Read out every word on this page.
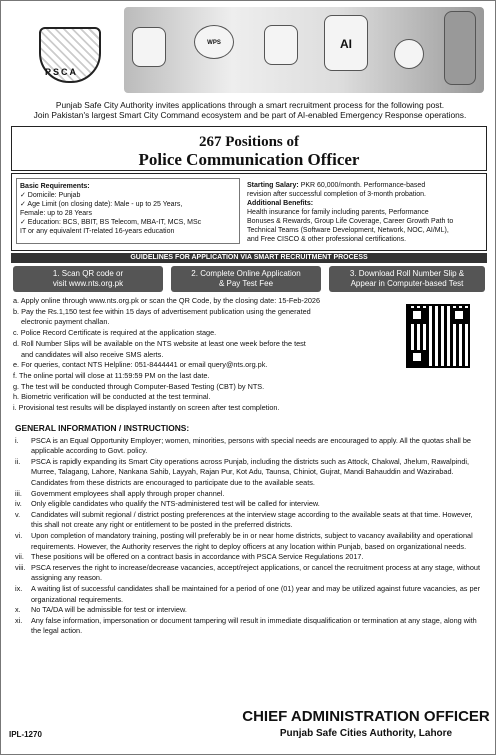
PSCA
WPS	AI
Punjab Safe City Authority invites applications through a smart recruitment process for the following post.
Join Pakistan's largest Smart City Command ecosystem and be part of AI-enabled Emergency Response operations.
267 Positions of
Police Communication Officer
Basic Requirements:
✓ Domicile: Punjab
✓ Age Limit (on closing date): Male - up to 25 Years,
Female: up to 28 Years
✓ Education: BCS, BBIT, BS Telecom, MBA-IT, MCS, MSc
IT or any equivalent IT-related 16-years education
Starting Salary: PKR 60,000/month. Performance-based
revision after successful completion of 3-month probation.
Additional Benefits:
Health insurance for family including parents, Performance
Bonuses & Rewards, Group Life Coverage, Career Growth Path to
Technical Teams (Software Development, Network, NOC, AI/ML),
and Free CISCO & other professional certifications.
GUIDELINES FOR APPLICATION VIA SMART RECRUITMENT PROCESS
1. Scan QR code or
visit www.nts.org.pk
2. Complete Online Application
& Pay Test Fee
3. Download Roll Number Slip &
Appear in Computer-based Test
a. Apply online through www.nts.org.pk or scan the QR Code, by the closing date: 15-Feb-2026
b. Pay the Rs.1,150 test fee within 15 days of advertisement publication using the generated
electronic payment challan.
c. Police Record Certificate is required at the application stage.
d. Roll Number Slips will be available on the NTS website at least one week before the test
and candidates will also receive SMS alerts.
e. For queries, contact NTS Helpline: 051-8444441 or email query@nts.org.pk.
f. The online portal will close at 11:59:59 PM on the last date.
g. The test will be conducted through Computer-Based Testing (CBT) by NTS.
h. Biometric verification will be conducted at the test terminal.
i. Provisional test results will be displayed instantly on screen after test completion.
GENERAL INFORMATION / INSTRUCTIONS:
i.	PSCA is an Equal Opportunity Employer; women, minorities, persons with special needs are encouraged to apply. All the quotas shall be applicable according to Govt. policy.
ii.	PSCA is rapidly expanding its Smart City operations across Punjab, including the districts such as Attock, Chakwal, Jhelum, Rawalpindi, Murree, Talagang, Lahore, Nankana Sahib, Layyah, Rajan Pur, Kot Adu, Taunsa, Chiniot, Gujrat, Mandi Bahauddin and Wazirabad. Candidates from these districts are encouraged to participate due to the available seats.
iii.	Government employees shall apply through proper channel.
iv.	Only eligible candidates who qualify the NTS-administered test will be called for interview.
v.	Candidates will submit regional / district posting preferences at the interview stage according to the available seats at that time. However, this shall not create any right or entitlement to be posted in the preferred districts.
vi.	Upon completion of mandatory training, posting will preferably be in or near home districts, subject to vacancy availability and operational requirements. However, the Authority reserves the right to deploy officers at any location within Punjab, based on organizational needs.
vii. These positions will be offered on a contract basis in accordance with PSCA Service Regulations 2017.
viii. PSCA reserves the right to increase/decrease vacancies, accept/reject applications, or cancel the recruitment process at any stage, without assigning any reason.
ix.	A waiting list of successful candidates shall be maintained for a period of one (01) year and may be utilized against future vacancies, as per organizational requirements.
x.	No TA/DA will be admissible for test or interview.
xi.	Any false information, impersonation or document tampering will result in immediate disqualification or termination at any stage, along with the legal action.
IPL-1270
CHIEF ADMINISTRATION OFFICER
Punjab Safe Cities Authority, Lahore
